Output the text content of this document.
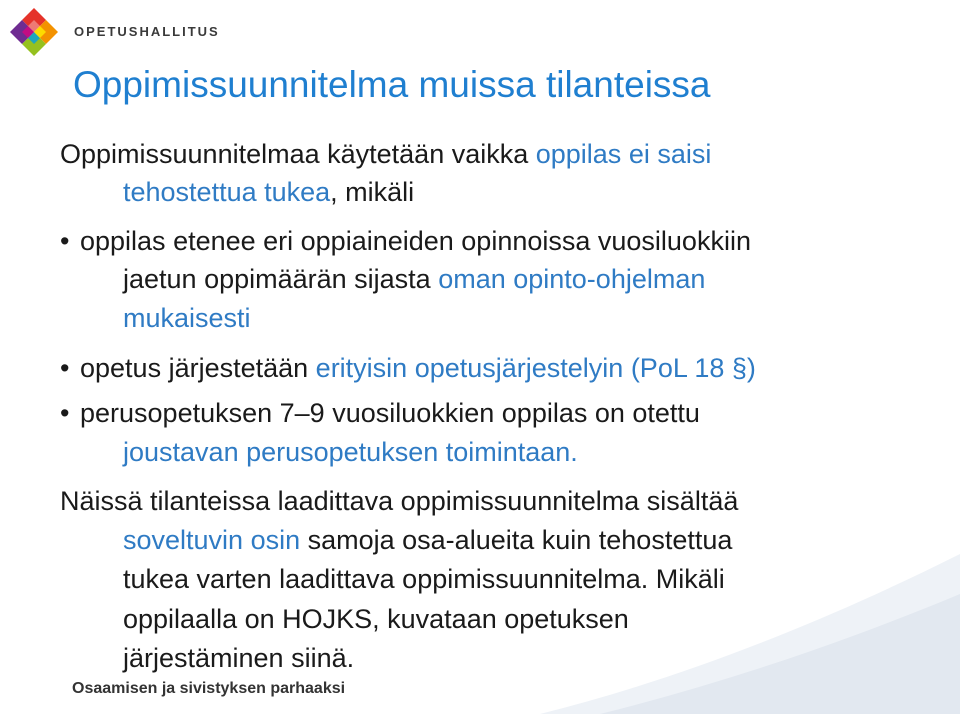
OPETUSHALLITUS
Oppimissuunnitelma muissa tilanteissa
Oppimissuunnitelmaa käytetään vaikka oppilas ei saisi
tehostettua tukea, mikäli
• oppilas etenee eri oppiaineiden opinnoissa vuosiluokkiin
jaetun oppimäärän sijasta oman opinto-ohjelman
mukaisesti
• opetus järjestetään erityisin opetusjärjestelyin (PoL 18 §)
• perusopetuksen 7–9 vuosiluokkien oppilas on otettu
joustavan perusopetuksen toimintaan.
Näissä tilanteissa laadittava oppimissuunnitelma sisältää
soveltuvin osin samoja osa-alueita kuin tehostettua
tukea varten laadittava oppimissuunnitelma. Mikäli
oppilaalla on HOJKS, kuvataan opetuksen
järjestäminen siinä.
Osaamisen ja sivistyksen parhaaksi
